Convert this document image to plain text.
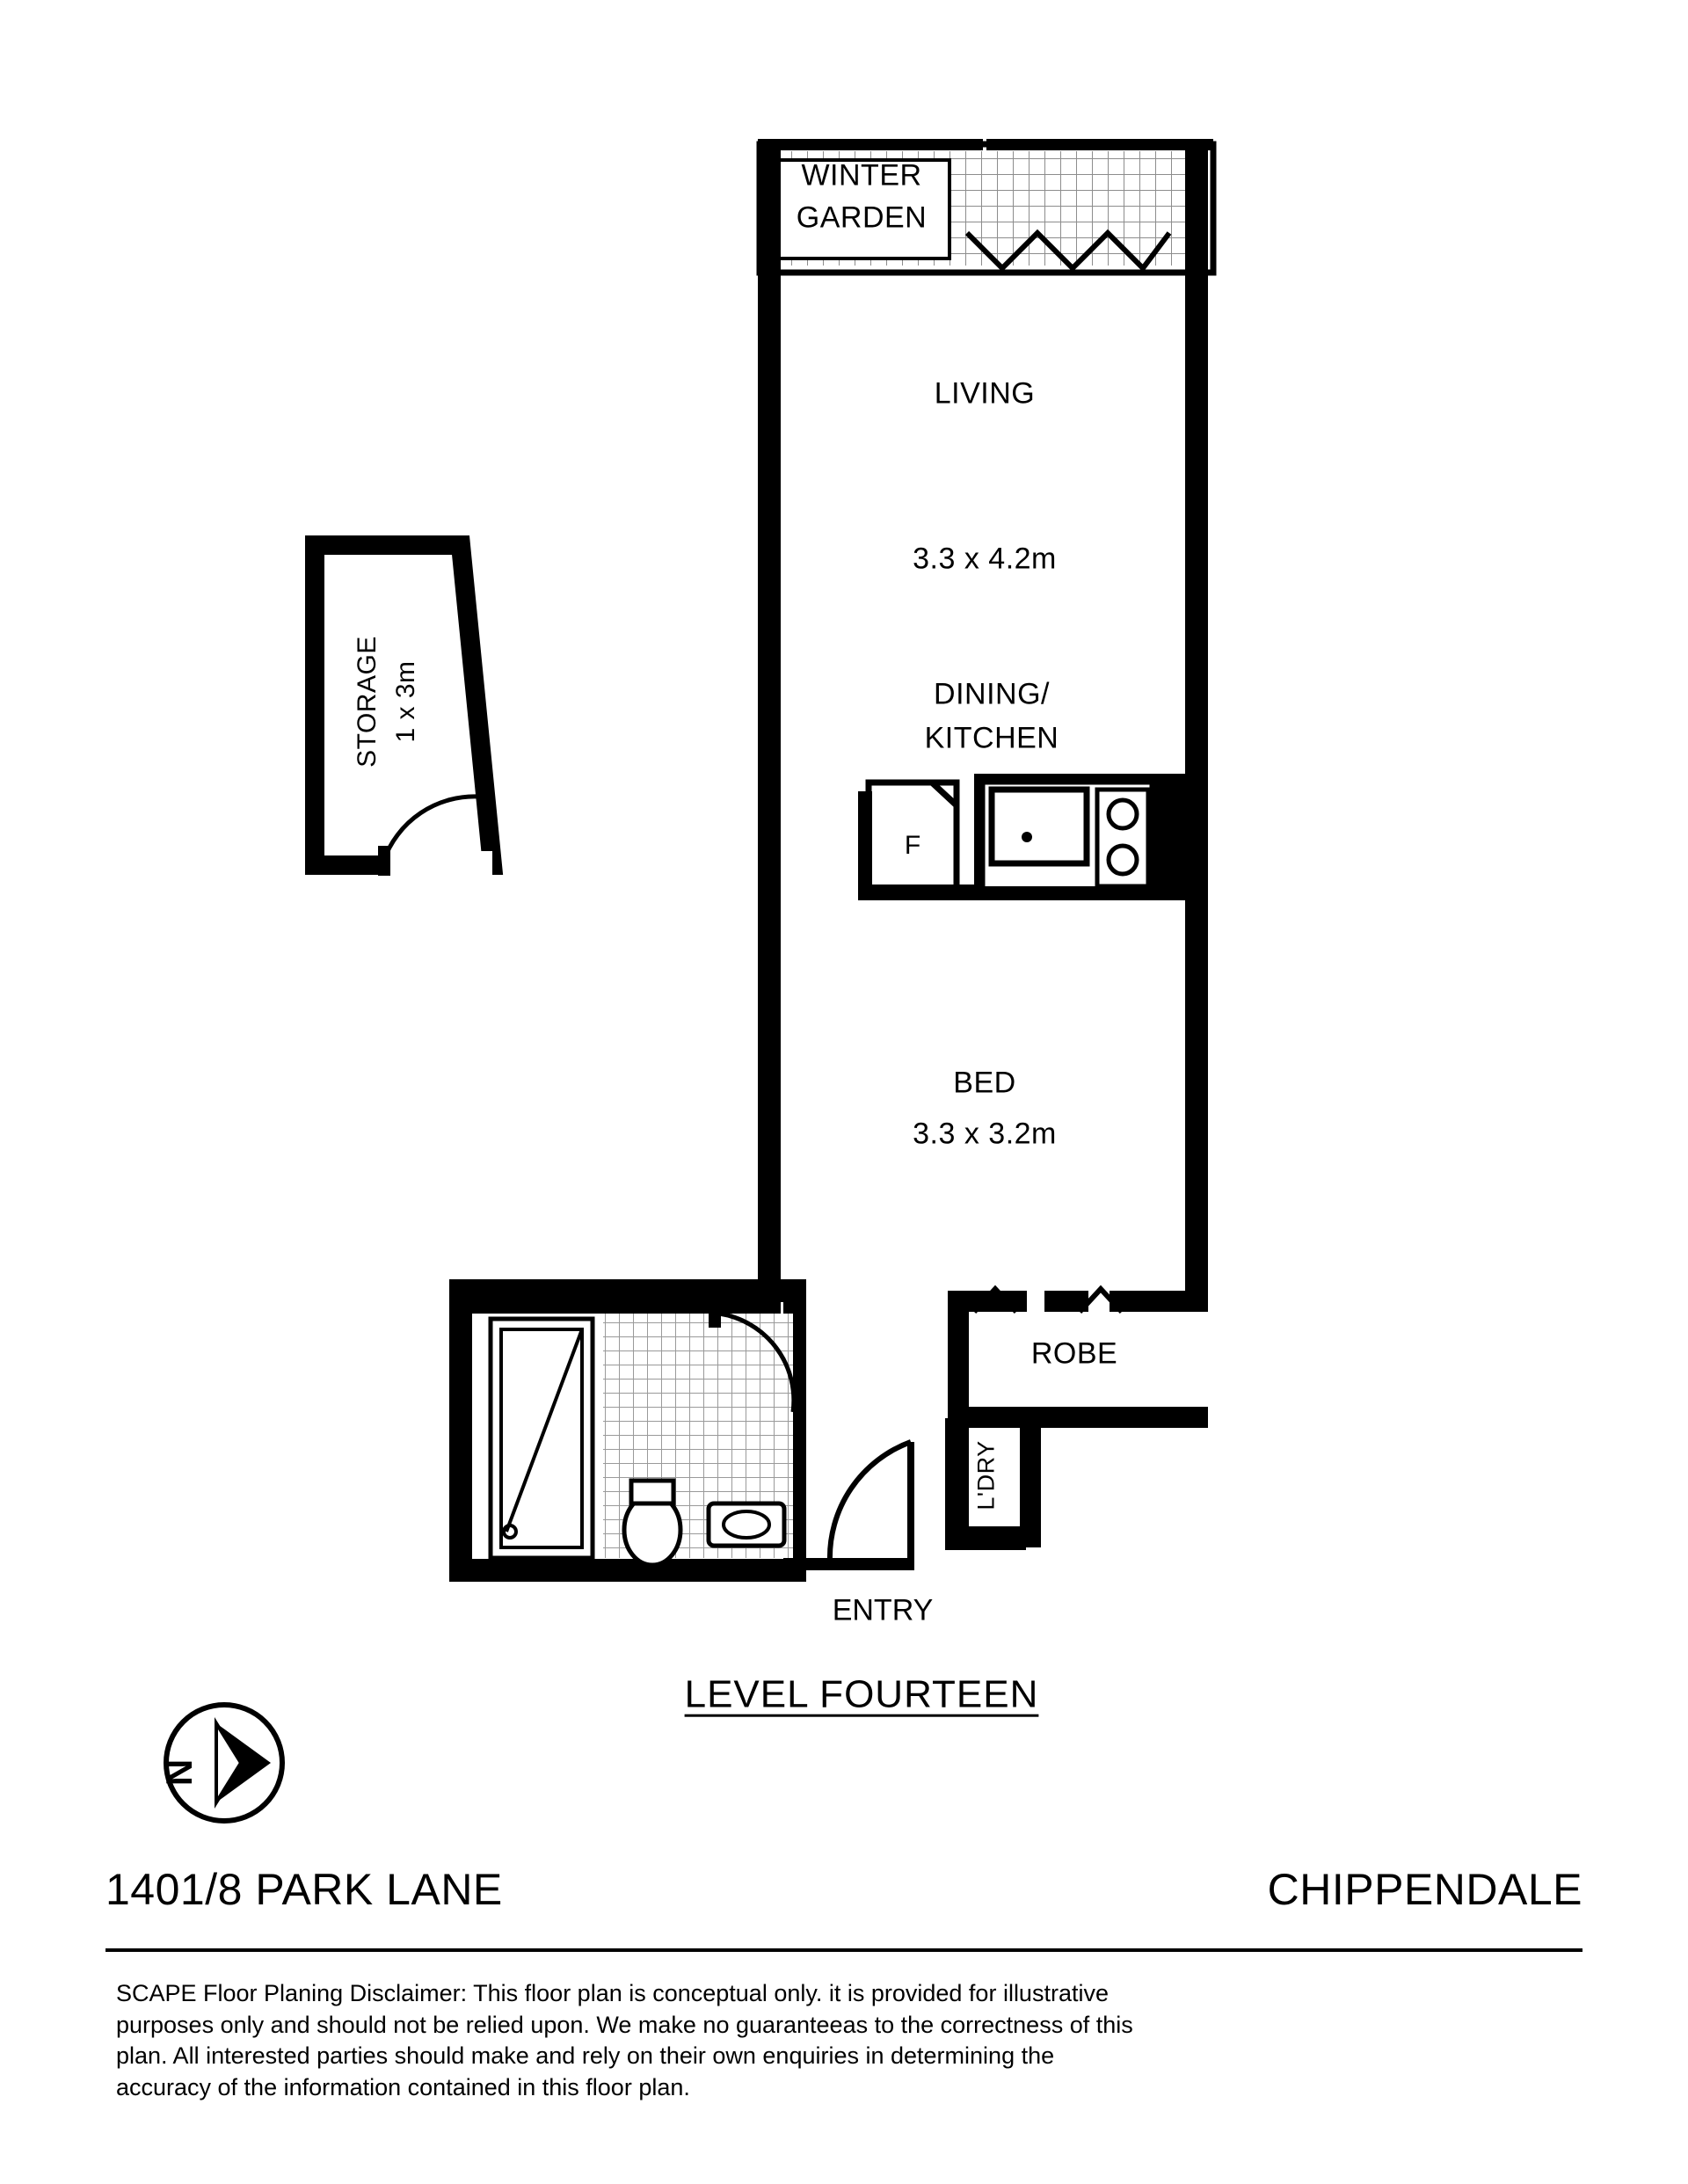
WINTER
GARDEN
LIVING
3.3 x 4.2m
DINING/
KITCHEN
F
BED
3.3 x 3.2m
STORAGE 1 x 3m
ROBE
L'DRY
ENTRY
LEVEL FOURTEEN
N
1401/8 PARK LANE	CHIPPENDALE
SCAPE Floor Planing Disclaimer: This floor plan is conceptual only. it is provided for illustrative purposes only and should not be relied upon. We make no guaranteeas to the correctness of this plan. All interested parties should make and rely on their own enquiries in determining the accuracy of the information contained in this floor plan.
